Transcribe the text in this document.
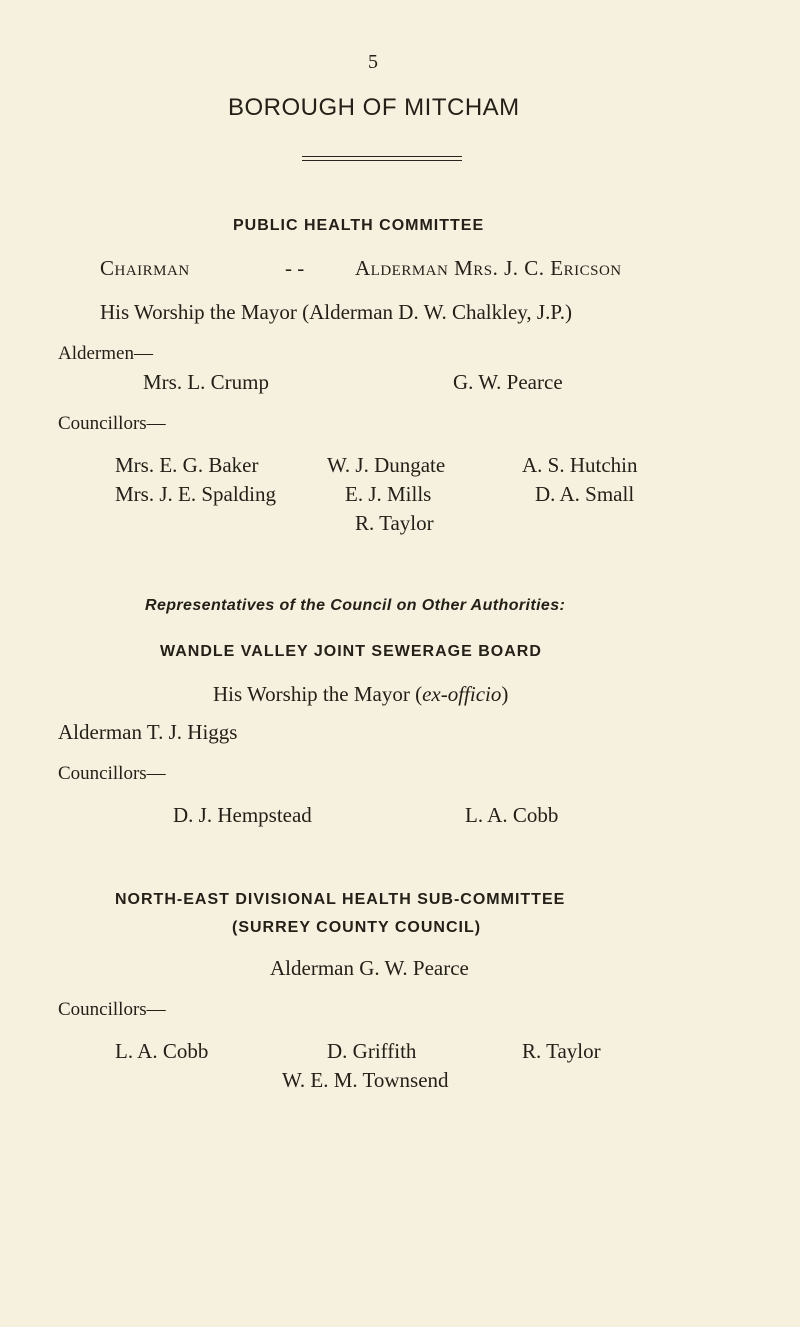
5
BOROUGH OF MITCHAM
PUBLIC HEALTH COMMITTEE
Chairman	- - Alderman Mrs. J. C. Ericson
His Worship the Mayor (Alderman D. W. Chalkley, J.P.)
Aldermen—
Mrs. L. Crump	G. W. Pearce
Councillors—
Mrs. E. G. Baker	W. J. Dungate	A. S. Hutchin
Mrs. J. E. Spalding	E. J. Mills	D. A. Small
R. Taylor
Representatives of the Council on Other Authorities:
WANDLE VALLEY JOINT SEWERAGE BOARD
His Worship the Mayor (ex-officio)
Alderman T. J. Higgs
Councillors—
D. J. Hempstead	L. A. Cobb
NORTH-EAST DIVISIONAL HEALTH SUB-COMMITTEE
(SURREY COUNTY COUNCIL)
Alderman G. W. Pearce
Councillors—
L. A. Cobb	D. Griffith	R. Taylor
W. E. M. Townsend
